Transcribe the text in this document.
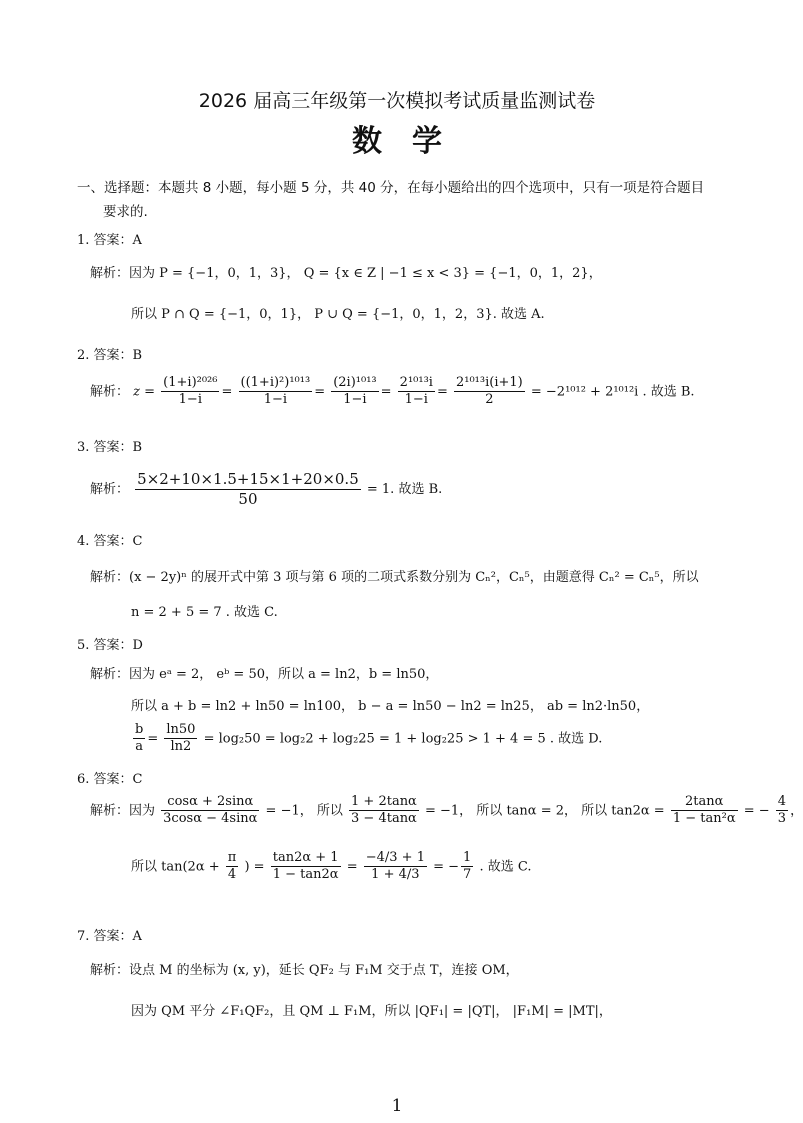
2026 届高三年级第一次模拟考试质量监测试卷
数　学
一、选择题：本题共 8 小题，每小题 5 分，共 40 分，在每小题给出的四个选项中，只有一项是符合题目
要求的.
1. 答案：A
解析：因为 P = {−1，0，1，3}， Q = {x ∈ Z | −1 ≤ x < 3} = {−1，0，1，2}，
所以 P ∩ Q = {−1，0，1}， P ∪ Q = {−1，0，1，2，3}. 故选 A.
2. 答案：B
解析： $z = \frac{\text{(1+i)²⁰²⁶}}{1-i} = \frac{\text{((1+i)²)¹⁰¹³}}{1-i} = \frac{\text{(2i)¹⁰¹³}}{1-i} = \frac{\text{2¹⁰¹³i}}{1-i} = \frac{\text{2¹⁰¹³i(i+1)}}{2} = -2^{1012} + 2^{1012}i$ . 故选 B.
3. 答案：B
解析： $\frac{5\times 2+10\times 1.5+15\times 1+20\times 0.5}{50} = 1$. 故选 B.
4. 答案：C
解析：(x − 2y)ⁿ 的展开式中第 3 项与第 6 项的二项式系数分别为 Cₙ²，Cₙ⁵，由题意得 Cₙ² = Cₙ⁵，所以
n = 2 + 5 = 7 . 故选 C.
5. 答案：D
解析：因为 eᵃ = 2， eᵇ = 50，所以 a = ln2，b = ln50，
所以 a + b = ln2 + ln50 = ln100， b − a = ln50 − ln2 = ln25， ab = ln2·ln50，
$\frac{b}{a} = \frac{\ln 50}{\ln 2} = \log_250 = \log_22 + \log_225 = 1 + \log_225 > 1 + 4 = 5$ . 故选 D.
6. 答案：C
解析：因为 $\frac{\cos\alpha + 2\sin\alpha}{3\cos\alpha - 4\sin\alpha} = -1$， 所以 $\frac{1 + 2\tan\alpha}{3 - 4\tan\alpha} = -1$， 所以 tanα = 2， 所以 $\tan 2\alpha = \frac{2\tan\alpha}{\text{1 − tan²α}}$ = − $\frac{4}{3}$ ，
所以 $\tan(2\alpha + \frac{\pi}{4}$ ) = $\frac{\tan 2\alpha + 1}{1 - \tan 2\alpha} = \frac{-4/3 + 1}{1 + 4/3}$ = − $\frac{1}{7}$ . 故选 C.
7. 答案：A
解析：设点 M 的坐标为 (x, y)，延长 QF₂ 与 F₁M 交于点 T，连接 OM，
因为 QM 平分 ∠F₁QF₂，且 QM ⊥ F₁M，所以 |QF₁| = |QT|， |F₁M| = |MT|，
1
